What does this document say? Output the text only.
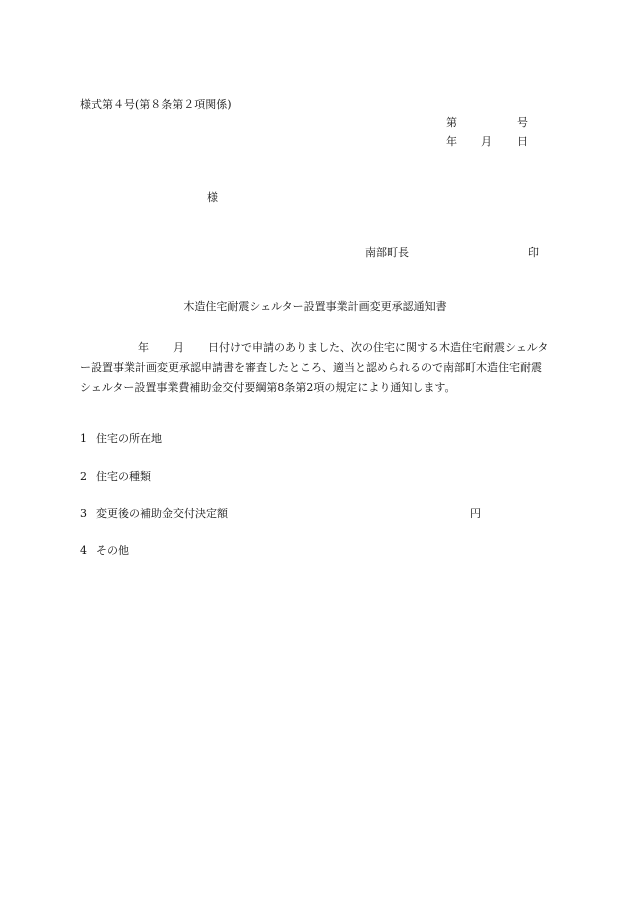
様式第４号(第８条第２項関係)
第	号
年 月 日
様
南部町長	印
木造住宅耐震シェルター設置事業計画変更承認通知書
年 月 日付けで申請のありました、次の住宅に関する木造住宅耐震シェルター設置事業計画変更承認申請書を審査したところ、適当と認められるので南部町木造住宅耐震シェルター設置事業費補助金交付要綱第8条第2項の規定により通知します。
1 住宅の所在地
2 住宅の種類
3 変更後の補助金交付決定額	円
4 その他
